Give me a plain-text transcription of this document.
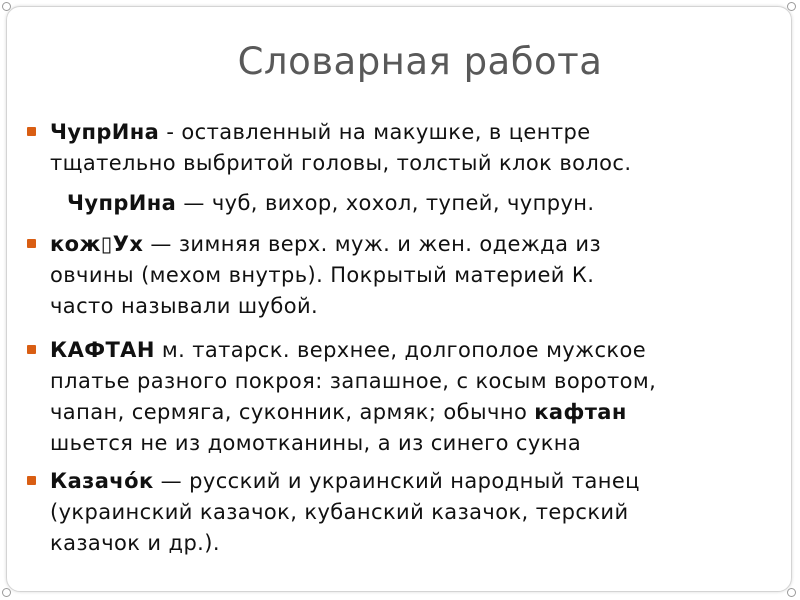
Словарная работа
ЧупрИна - оставленный на макушке, в центре
тщательно выбритой головы, толстый клок волос.
ЧупрИна — чуб, вихор, хохол, тупей, чупрун.
кож▯Ух — зимняя верх. муж. и жен. одежда из
овчины (мехом внутрь). Покрытый материей К.
часто называли шубой.
КАФТАН м. татарск. верхнее, долгополое мужское
платье разного покроя: запашное, с косым воротом,
чапан, сермяга, суконник, армяк; обычно кафтан
шьется не из домотканины, а из синего сукна
Казачо́к — русский и украинский народный танец
(украинский казачок, кубанский казачок, терский
казачок и др.).
